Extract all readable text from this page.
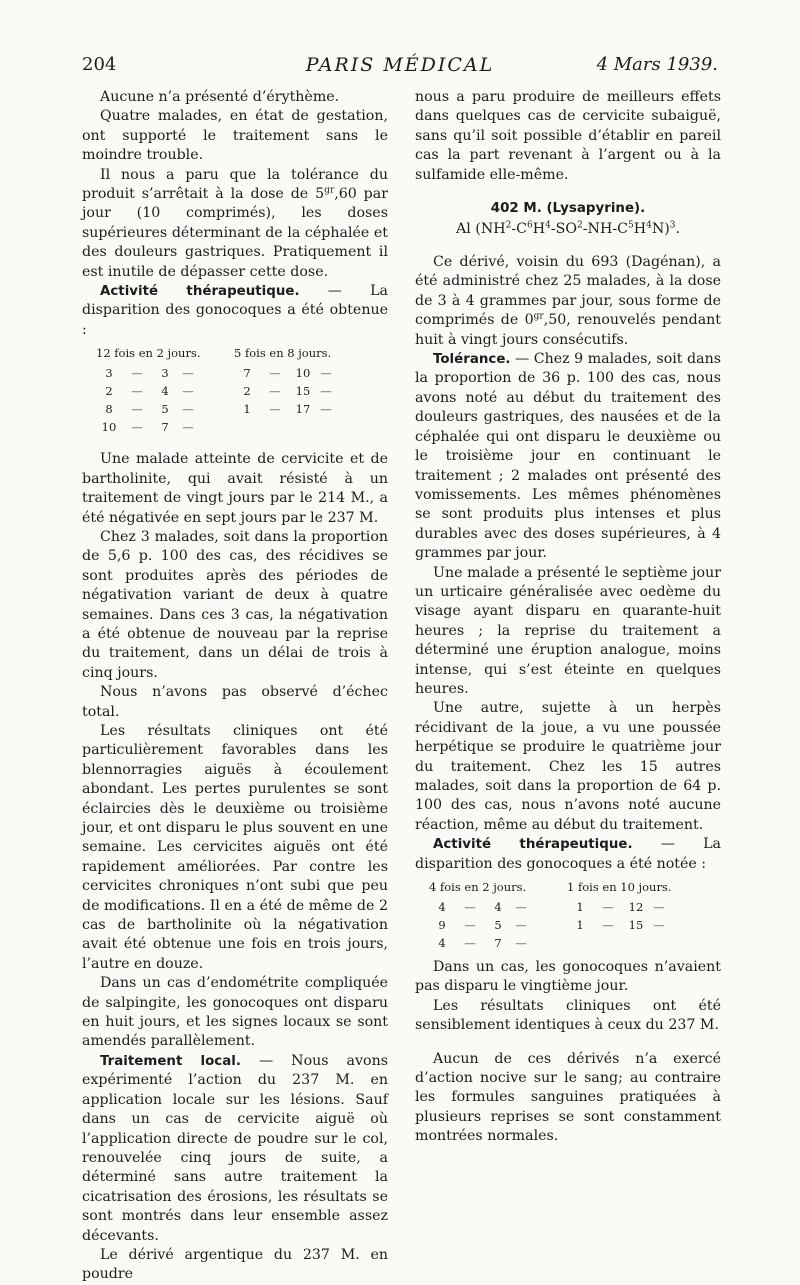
204	PARIS MÉDICAL	4 Mars 1939.

Aucune n’a présenté d’érythème.

Quatre malades, en état de gestation, ont supporté le traitement sans le moindre trouble.

Il nous a paru que la tolérance du produit s’arrêtait à la dose de $5^{gr},60$ par jour (10 comprimés), les doses supérieures déterminant de la céphalée et des douleurs gastriques. Pratiquement il est inutile de dépasser cette dose.

Activité thérapeutique. — La disparition des gonocoques a été obtenue :

12 fois en 2 jours.
3	—	3	—
2	—	4	—
8	—	5	—
10	—	7	—
5 fois en 8 jours.
7	—	10 —
2	—	15 —
1	—	17 —

Une malade atteinte de cervicite et de bartholinite, qui avait résisté à un traitement de vingt jours par le 214 M., a été négativée en sept jours par le 237 M.

Chez 3 malades, soit dans la proportion de 5,6 p. 100 des cas, des récidives se sont produites après des périodes de négativation variant de deux à quatre semaines. Dans ces 3 cas, la négativation a été obtenue de nouveau par la reprise du traitement, dans un délai de trois à cinq jours.

Nous n’avons pas observé d’échec total.

Les résultats cliniques ont été particulièrement favorables dans les blennorragies aiguës à écoulement abondant. Les pertes purulentes se sont éclaircies dès le deuxième ou troisième jour, et ont disparu le plus souvent en une semaine. Les cervicites aiguës ont été rapidement améliorées. Par contre les cervicites chroniques n’ont subi que peu de modifications. Il en a été de même de 2 cas de bartholinite où la négativation avait été obtenue une fois en trois jours, l’autre en douze.

Dans un cas d’endométrite compliquée de salpingite, les gonocoques ont disparu en huit jours, et les signes locaux se sont amendés parallèlement.

Traitement local. — Nous avons expérimenté l’action du 237 M. en application locale sur les lésions. Sauf dans un cas de cervicite aiguë où l’application directe de poudre sur le col, renouvelée cinq jours de suite, a déterminé sans autre traitement la cicatrisation des érosions, les résultats se sont montrés dans leur ensemble assez décevants.

Le dérivé argentique du 237 M. en poudre

nous a paru produire de meilleurs effets dans quelques cas de cervicite subaiguë, sans qu’il soit possible d’établir en pareil cas la part revenant à l’argent ou à la sulfamide elle-même.

402 M. (Lysapyrine).
Al $(NH^2-C^6H^4-SO^2-NH-C^5H^4N)^3$.

Ce dérivé, voisin du 693 (Dagénan), a été administré chez 25 malades, à la dose de 3 à 4 grammes par jour, sous forme de comprimés de $0^{gr},50$, renouvelés pendant huit à vingt jours consécutifs.

Tolérance. — Chez 9 malades, soit dans la proportion de 36 p. 100 des cas, nous avons noté au début du traitement des douleurs gastriques, des nausées et de la céphalée qui ont disparu le deuxième ou le troisième jour en continuant le traitement ; 2 malades ont présenté des vomissements. Les mêmes phénomènes se sont produits plus intenses et plus durables avec des doses supérieures, à 4 grammes par jour.

Une malade a présenté le septième jour un urticaire généralisée avec oedème du visage ayant disparu en quarante-huit heures ; la reprise du traitement a déterminé une éruption analogue, moins intense, qui s’est éteinte en quelques heures.

Une autre, sujette à un herpès récidivant de la joue, a vu une poussée herpétique se produire le quatrième jour du traitement. Chez les 15 autres malades, soit dans la proportion de 64 p. 100 des cas, nous n’avons noté aucune réaction, même au début du traitement.

Activité thérapeutique. — La disparition des gonocoques a été notée :

4 fois en 2 jours.
4	—	4	—
9	—	5	—
4	—	7	—
1 fois en 10 jours.
1	—	12 —
1	—	15 —

Dans un cas, les gonocoques n’avaient pas disparu le vingtième jour.

Les résultats cliniques ont été sensiblement identiques à ceux du 237 M.

Aucun de ces dérivés n’a exercé d’action nocive sur le sang; au contraire les formules sanguines pratiquées à plusieurs reprises se sont constamment montrées normales.
